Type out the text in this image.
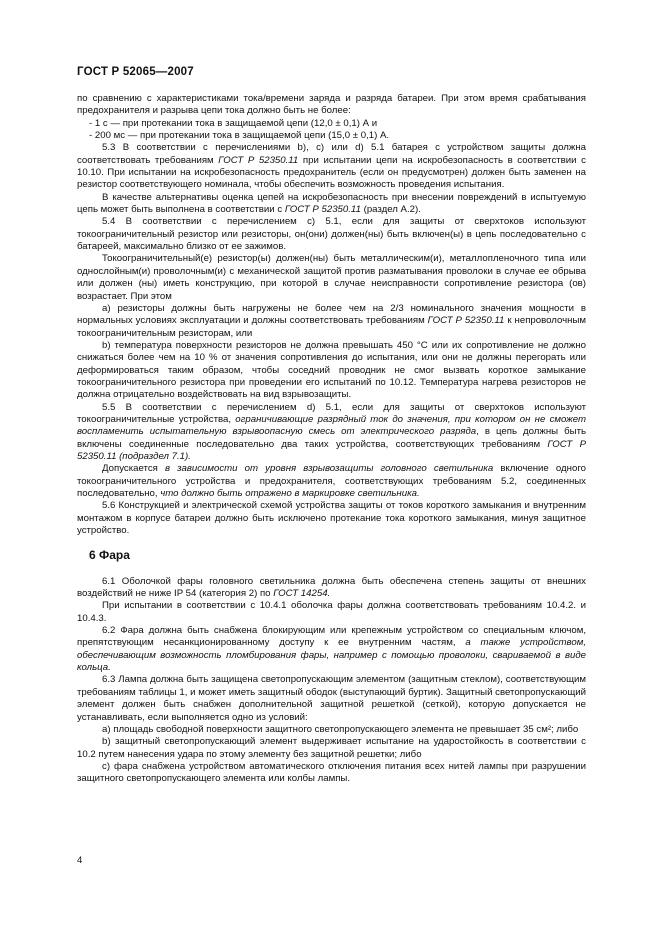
ГОСТ Р 52065—2007

по сравнению с характеристиками тока/времени заряда и разряда батареи. При этом время срабатывания предохранителя и разрыва цепи тока должно быть не более:

- 1 с — при протекании тока в защищаемой цепи (12,0 ± 0,1) А и

- 200 мс — при протекании тока в защищаемой цепи (15,0 ± 0,1) А.

5.3 В соответствии с перечислениями b), с) или d) 5.1 батарея с устройством защиты должна соответствовать требованиям ГОСТ Р 52350.11 при испытании цепи на искробезопасность в соответствии с 10.10. При испытании на искробезопасность предохранитель (если он предусмотрен) должен быть заменен на резистор соответствующего номинала, чтобы обеспечить возможность проведения испытания.

В качестве альтернативы оценка цепей на искробезопасность при внесении повреждений в испытуемую цепь может быть выполнена в соответствии с ГОСТ Р 52350.11 (раздел А.2).

5.4 В соответствии с перечислением с) 5.1, если для защиты от сверхтоков используют токоограничительный резистор или резисторы, он(они) должен(ны) быть включен(ы) в цепь последовательно с батареей, максимально близко от ее зажимов.

Токоограничительный(е) резистор(ы) должен(ны) быть металлическим(и), металлопленочного типа или однослойным(и) проволочным(и) с механической защитой против разматывания проволоки в случае ее обрыва или должен (ны) иметь конструкцию, при которой в случае неисправности сопротивление резистора (ов) возрастает. При этом

а) резисторы должны быть нагружены не более чем на 2/3 номинального значения мощности в нормальных условиях эксплуатации и должны соответствовать требованиям ГОСТ Р 52350.11 к непроволочным токоограничительным резисторам, или

b) температура поверхности резисторов не должна превышать 450 °С или их сопротивление не должно снижаться более чем на 10 % от значения сопротивления до испытания, или они не должны перегорать или деформироваться таким образом, чтобы соседний проводник не смог вызвать короткое замыкание токоограничительного резистора при проведении его испытаний по 10.12. Температура нагрева резисторов не должна отрицательно воздействовать на вид взрывозащиты.

5.5 В соответствии с перечислением d) 5.1, если для защиты от сверхтоков используют токоограничительные устройства, ограничивающие разрядный ток до значения, при котором он не сможет воспламенить испытательную взрывоопасную смесь от электрического разряда, в цепь должны быть включены соединенные последовательно два таких устройства, соответствующих требованиям ГОСТ Р 52350.11 (подраздел 7.1).

Допускается в зависимости от уровня взрывозащиты головного светильника включение одного токоограничительного устройства и предохранителя, соответствующих требованиям 5.2, соединенных последовательно, что должно быть отражено в маркировке светильника.

5.6 Конструкцией и электрической схемой устройства защиты от токов короткого замыкания и внутренним монтажом в корпусе батареи должно быть исключено протекание тока короткого замыкания, минуя защитное устройство.

6 Фара

6.1 Оболочкой фары головного светильника должна быть обеспечена степень защиты от внешних воздействий не ниже IP 54 (категория 2) по ГОСТ 14254.

При испытании в соответствии с 10.4.1 оболочка фары должна соответствовать требованиям 10.4.2. и 10.4.3.

6.2 Фара должна быть снабжена блокирующим или крепежным устройством со специальным ключом, препятствующим несанкционированному доступу к ее внутренним частям, а также устройством, обеспечивающим возможность пломбирования фары, например с помощью проволоки, свариваемой в виде кольца.

6.3 Лампа должна быть защищена светопропускающим элементом (защитным стеклом), соответствующим требованиям таблицы 1, и может иметь защитный ободок (выступающий буртик). Защитный светопропускающий элемент должен быть снабжен дополнительной защитной решеткой (сеткой), которую допускается не устанавливать, если выполняется одно из условий:

а) площадь свободной поверхности защитного светопропускающего элемента не превышает 35 см²; либо

b) защитный светопропускающий элемент выдерживает испытание на ударостойкость в соответствии с 10.2 путем нанесения удара по этому элементу без защитной решетки; либо

с) фара снабжена устройством автоматического отключения питания всех нитей лампы при разрушении защитного светопропускающего элемента или колбы лампы.

4
